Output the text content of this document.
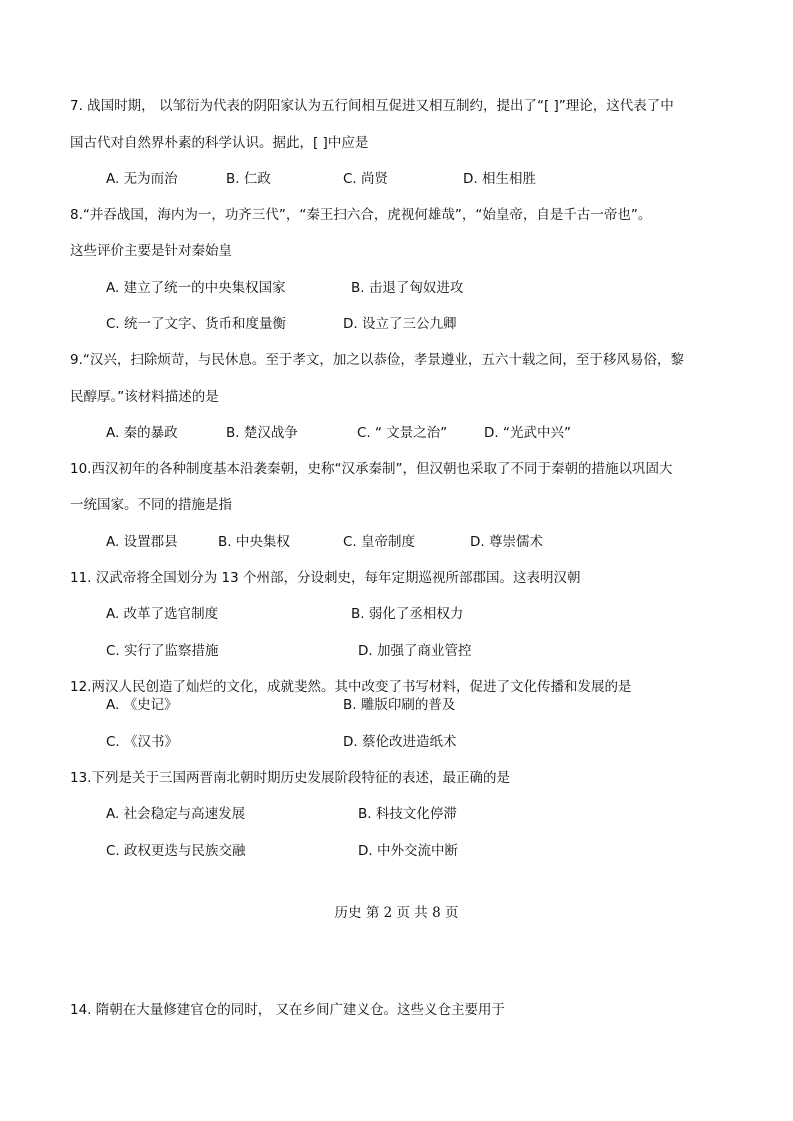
7. 战国时期， 以邹衍为代表的阴阳家认为五行间相互促进又相互制约，提出了“[ ]”理论，这代表了中
国古代对自然界朴素的科学认识。据此，[ ]中应是
A. 无为而治	B. 仁政	C. 尚贤	D. 相生相胜
8.“并吞战国，海内为一，功齐三代”，“秦王扫六合，虎视何雄哉”，“始皇帝，自是千古一帝也”。
这些评价主要是针对秦始皇
A. 建立了统一的中央集权国家	B. 击退了匈奴进攻
C. 统一了文字、货币和度量衡	D. 设立了三公九卿
9.“汉兴，扫除烦苛，与民休息。至于孝文，加之以恭俭，孝景遵业，五六十载之间，至于移风易俗，黎
民醇厚。”该材料描述的是
A. 秦的暴政	B. 楚汉战争	C. “ 文景之治”	D. “光武中兴”
10.西汉初年的各种制度基本沿袭秦朝，史称“汉承秦制”，但汉朝也采取了不同于秦朝的措施以巩固大
一统国家。不同的措施是指
A. 设置郡县	B. 中央集权	C. 皇帝制度	D. 尊崇儒术
11. 汉武帝将全国划分为 13 个州部，分设刺史，每年定期巡视所部郡国。这表明汉朝
A. 改革了选官制度	B. 弱化了丞相权力
C. 实行了监察措施	D. 加强了商业管控
12.两汉人民创造了灿烂的文化，成就斐然。其中改变了书写材料，促进了文化传播和发展的是
A. 《史记》	B. 雕版印刷的普及
C. 《汉书》	D. 蔡伦改进造纸术
13.下列是关于三国两晋南北朝时期历史发展阶段特征的表述，最正确的是
A. 社会稳定与高速发展	B. 科技文化停滞
C. 政权更迭与民族交融	D. 中外交流中断
历史 第 2 页 共 8 页
14. 隋朝在大量修建官仓的同时， 又在乡间广建义仓。这些义仓主要用于
